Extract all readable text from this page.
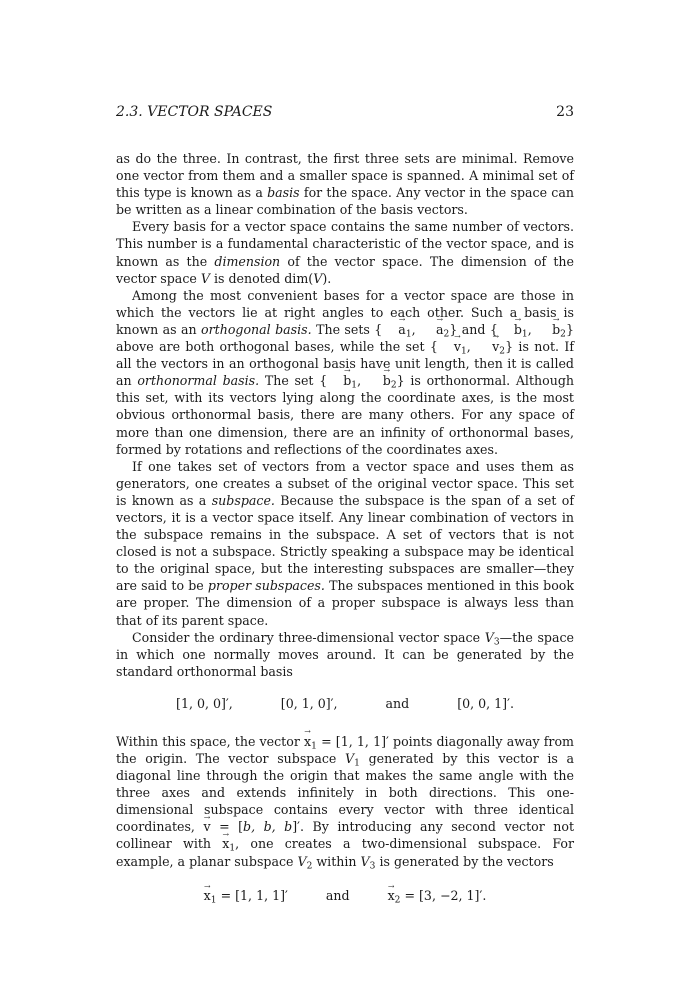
2.3. VECTOR SPACES	23

as do the three. In contrast, the first three sets are minimal. Remove one vector from them and a smaller space is spanned. A minimal set of this type is known as a basis for the space. Any vector in the space can be written as a linear combination of the basis vectors.

Every basis for a vector space contains the same number of vectors. This number is a fundamental characteristic of the vector space, and is known as the dimension of the vector space. The dimension of the vector space V is denoted dim(V).

Among the most convenient bases for a vector space are those in which the vectors lie at right angles to each other. Such a basis is known as an orthogonal basis. The sets { → $a_1$, → $a_2$} and { → $b_1$, → $b_2$} above are both orthogonal bases, while the set { → $v_1$, → $v_2$} is not. If all the vectors in an orthogonal basis have unit length, then it is called an orthonormal basis. The set { → $b_1$, → $b_2$} is orthonormal. Although this set, with its vectors lying along the coordinate axes, is the most obvious orthonormal basis, there are many others. For any space of more than one dimension, there are an infinity of orthonormal bases, formed by rotations and reflections of the coordinates axes.

If one takes set of vectors from a vector space and uses them as generators, one creates a subset of the original vector space. This set is known as a subspace. Because the subspace is the span of a set of vectors, it is a vector space itself. Any linear combination of vectors in the subspace remains in the subspace. A set of vectors that is not closed is not a subspace. Strictly speaking a subspace may be identical to the original space, but the interesting subspaces are smaller—they are said to be proper subspaces. The subspaces mentioned in this book are proper. The dimension of a proper subspace is always less than that of its parent space.

Consider the ordinary three-dimensional vector space $V_3—the$ space in which one normally moves around. It can be generated by the standard orthonormal basis

[1, 0, 0]′,	[0, 1, 0]′,	and	[0, 0, 1]′.

Within this space, the vector → $x_1 = [1$, 1, 1]′ points diagonally away from the origin. The vector subspace $V_1$ generated by this vector is a diagonal line through the origin that makes the same angle with the three axes and extends infinitely in both directions. This one-dimensional subspace contains every vector with three identical coordinates, → v = [b, b, b]′. By introducing any second vector not collinear with → $x_1$, one creates a two-dimensional subspace. For example, a planar subspace $V_2$ within $V_3$ is generated by the vectors

→ $x_1 = [1$, 1, 1]′	and	→ $x_2 = [3$, −2, 1]′.
